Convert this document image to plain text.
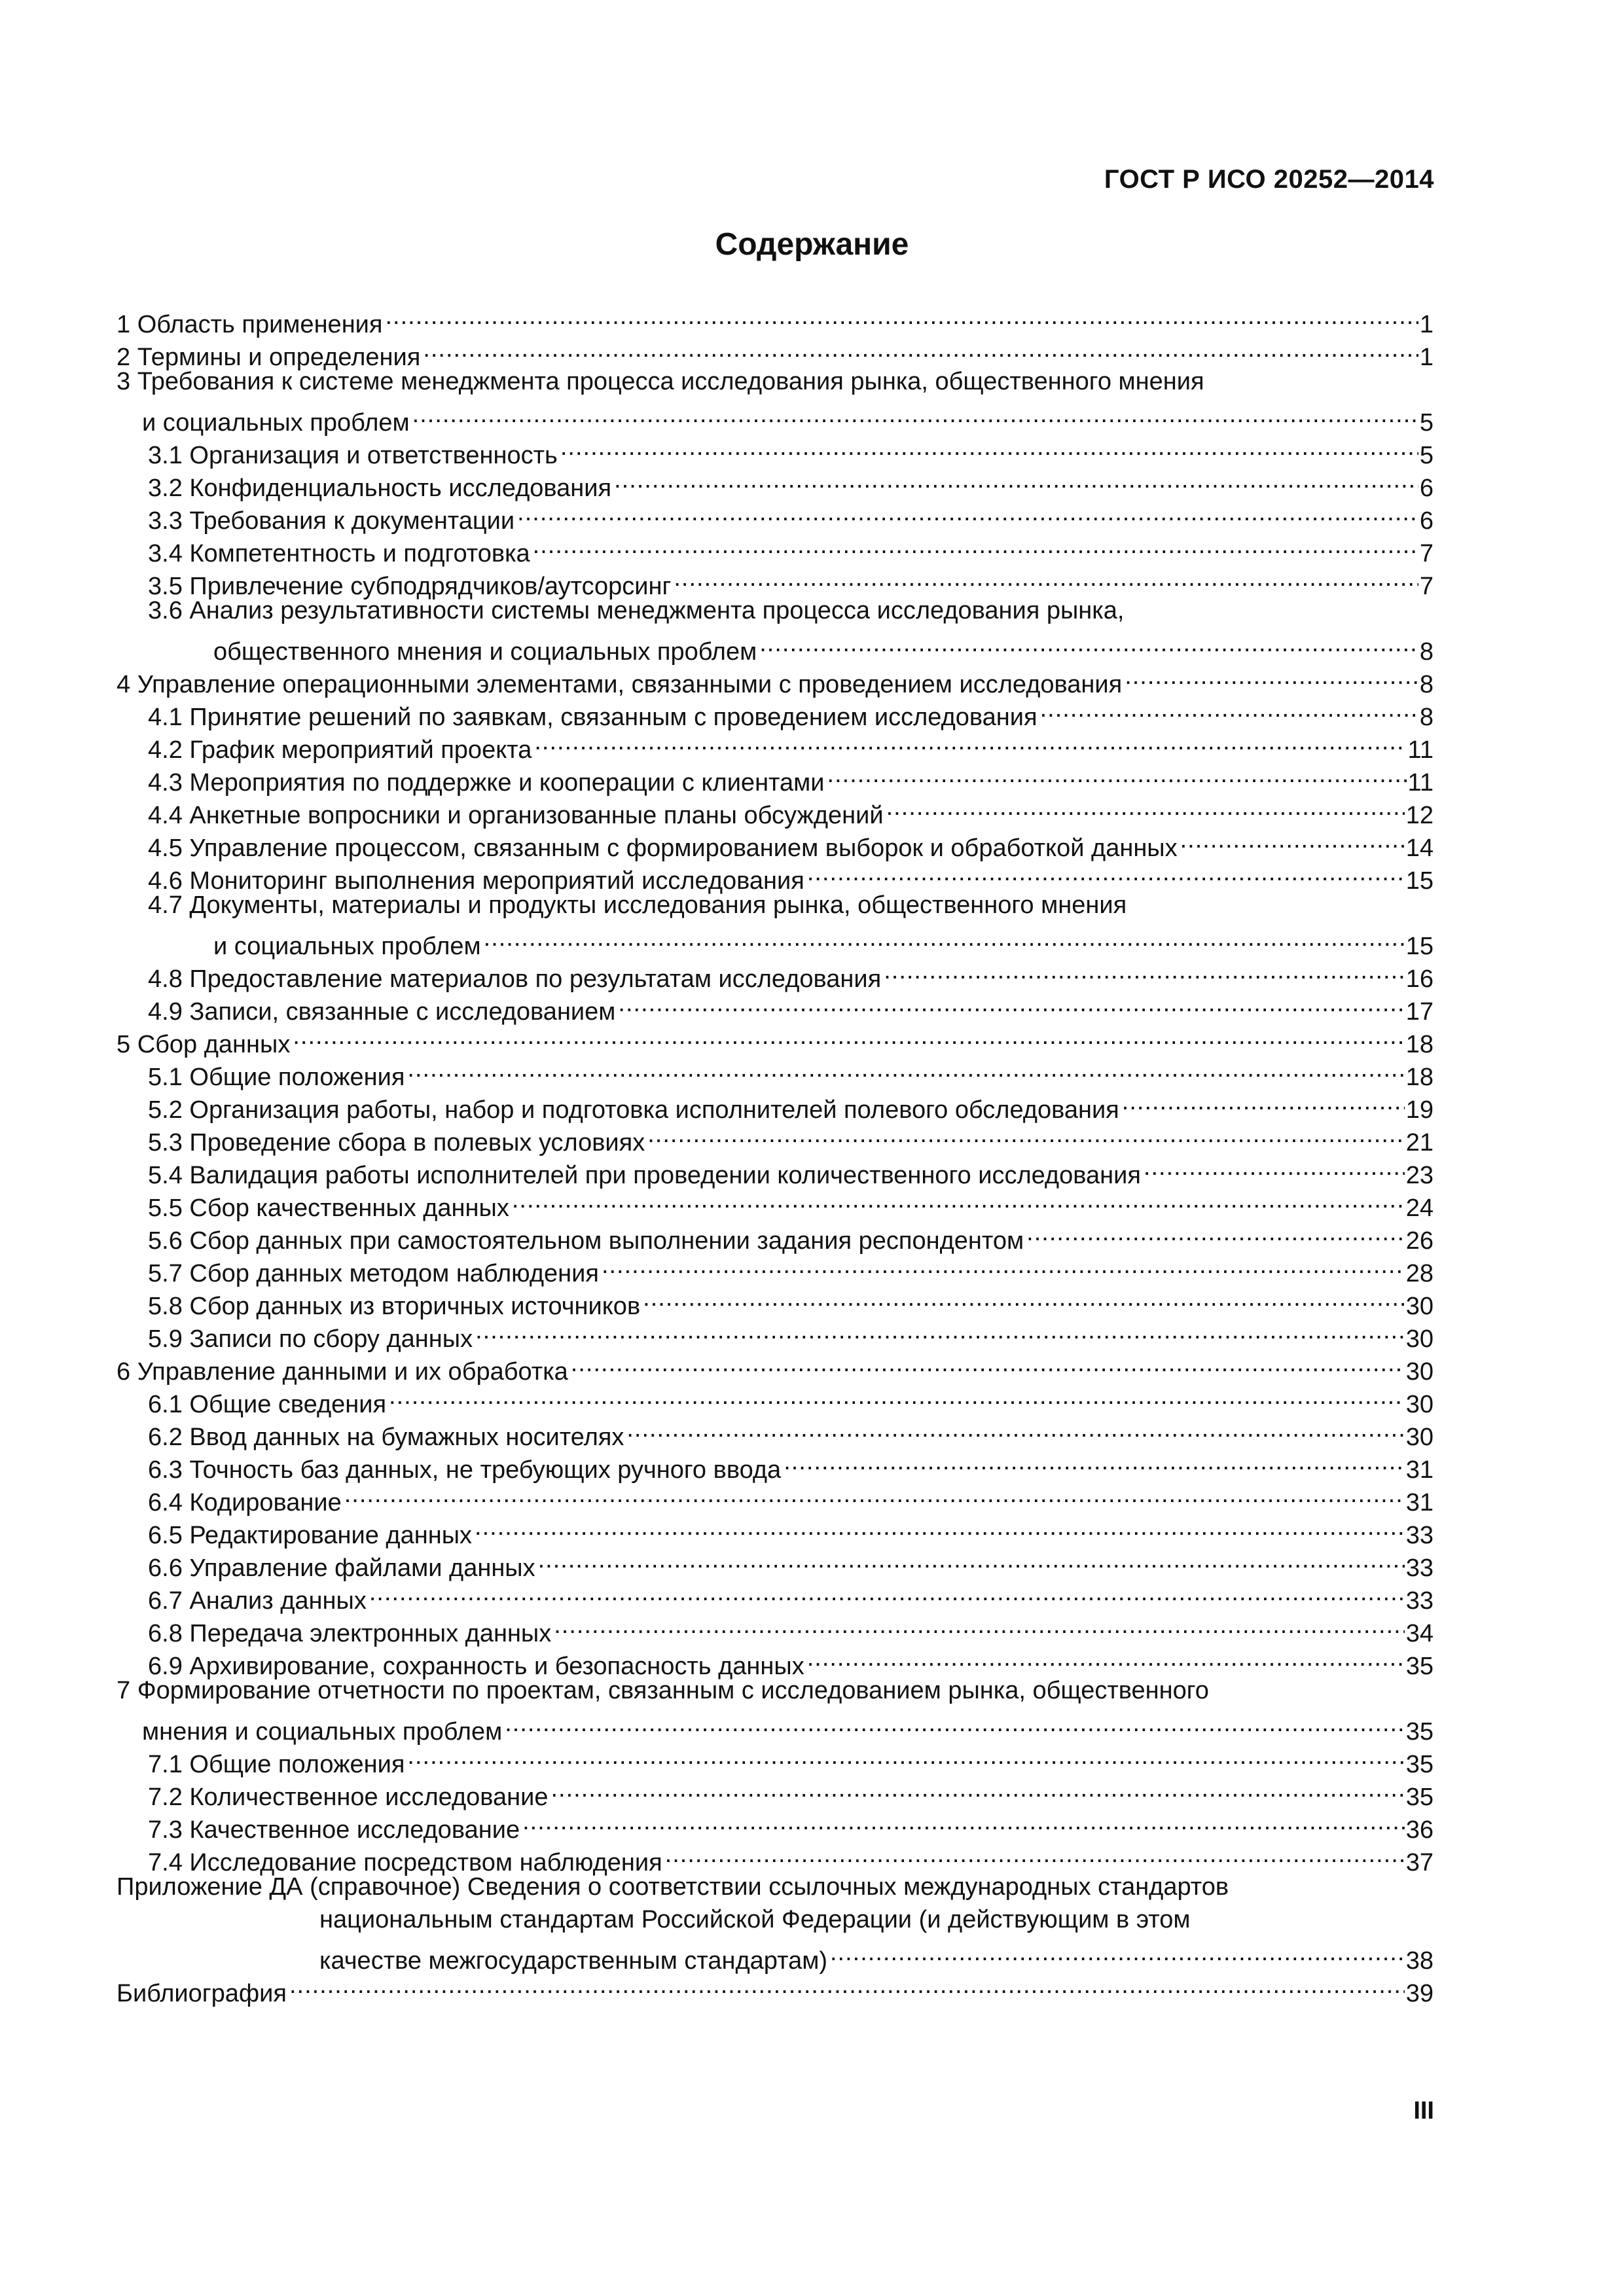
ГОСТ Р ИСО 20252—2014
Содержание
1 Область применения .....	1
2 Термины и определения .....	1
3 Требования к системе менеджмента процесса исследования рынка, общественного мнения
и социальных проблем .....	5
3.1 Организация и ответственность .....	5
3.2 Конфиденциальность исследования .....	6
3.3 Требования к документации .....	6
3.4 Компетентность и подготовка .....	7
3.5 Привлечение субподрядчиков/аутсорсинг .....	7
3.6 Анализ результативности системы менеджмента процесса исследования рынка,
общественного мнения и социальных проблем .....	8
4 Управление операционными элементами, связанными с проведением исследования .....	8
4.1 Принятие решений по заявкам, связанным с проведением исследования .....	8
4.2 График мероприятий проекта .....	11
4.3 Мероприятия по поддержке и кооперации с клиентами .....	11
4.4 Анкетные вопросники и организованные планы обсуждений .....	12
4.5 Управление процессом, связанным с формированием выборок и обработкой данных .....	14
4.6 Мониторинг выполнения мероприятий исследования .....	15
4.7 Документы, материалы и продукты исследования рынка, общественного мнения
и социальных проблем .....	15
4.8 Предоставление материалов по результатам исследования .....	16
4.9 Записи, связанные с исследованием .....	17
5 Сбор данных .....	18
5.1 Общие положения .....	18
5.2 Организация работы, набор и подготовка исполнителей полевого обследования .....	19
5.3 Проведение сбора в полевых условиях .....	21
5.4 Валидация работы исполнителей при проведении количественного исследования .....	23
5.5 Сбор качественных данных .....	24
5.6 Сбор данных при самостоятельном выполнении задания респондентом .....	26
5.7 Сбор данных методом наблюдения .....	28
5.8 Сбор данных из вторичных источников .....	30
5.9 Записи по сбору данных .....	30
6 Управление данными и их обработка .....	30
6.1 Общие сведения .....	30
6.2 Ввод данных на бумажных носителях .....	30
6.3 Точность баз данных, не требующих ручного ввода .....	31
6.4 Кодирование .....	31
6.5 Редактирование данных .....	33
6.6 Управление файлами данных .....	33
6.7 Анализ данных .....	33
6.8 Передача электронных данных .....	34
6.9 Архивирование, сохранность и безопасность данных .....	35
7 Формирование отчетности по проектам, связанным с исследованием рынка, общественного
мнения и социальных проблем .....	35
7.1 Общие положения .....	35
7.2 Количественное исследование .....	35
7.3 Качественное исследование .....	36
7.4 Исследование посредством наблюдения .....	37
Приложение ДА (справочное) Сведения о соответствии ссылочных международных стандартов
национальным стандартам Российской Федерации (и действующим в этом
качестве межгосударственным стандартам) .....	38
Библиография .....	39
III
